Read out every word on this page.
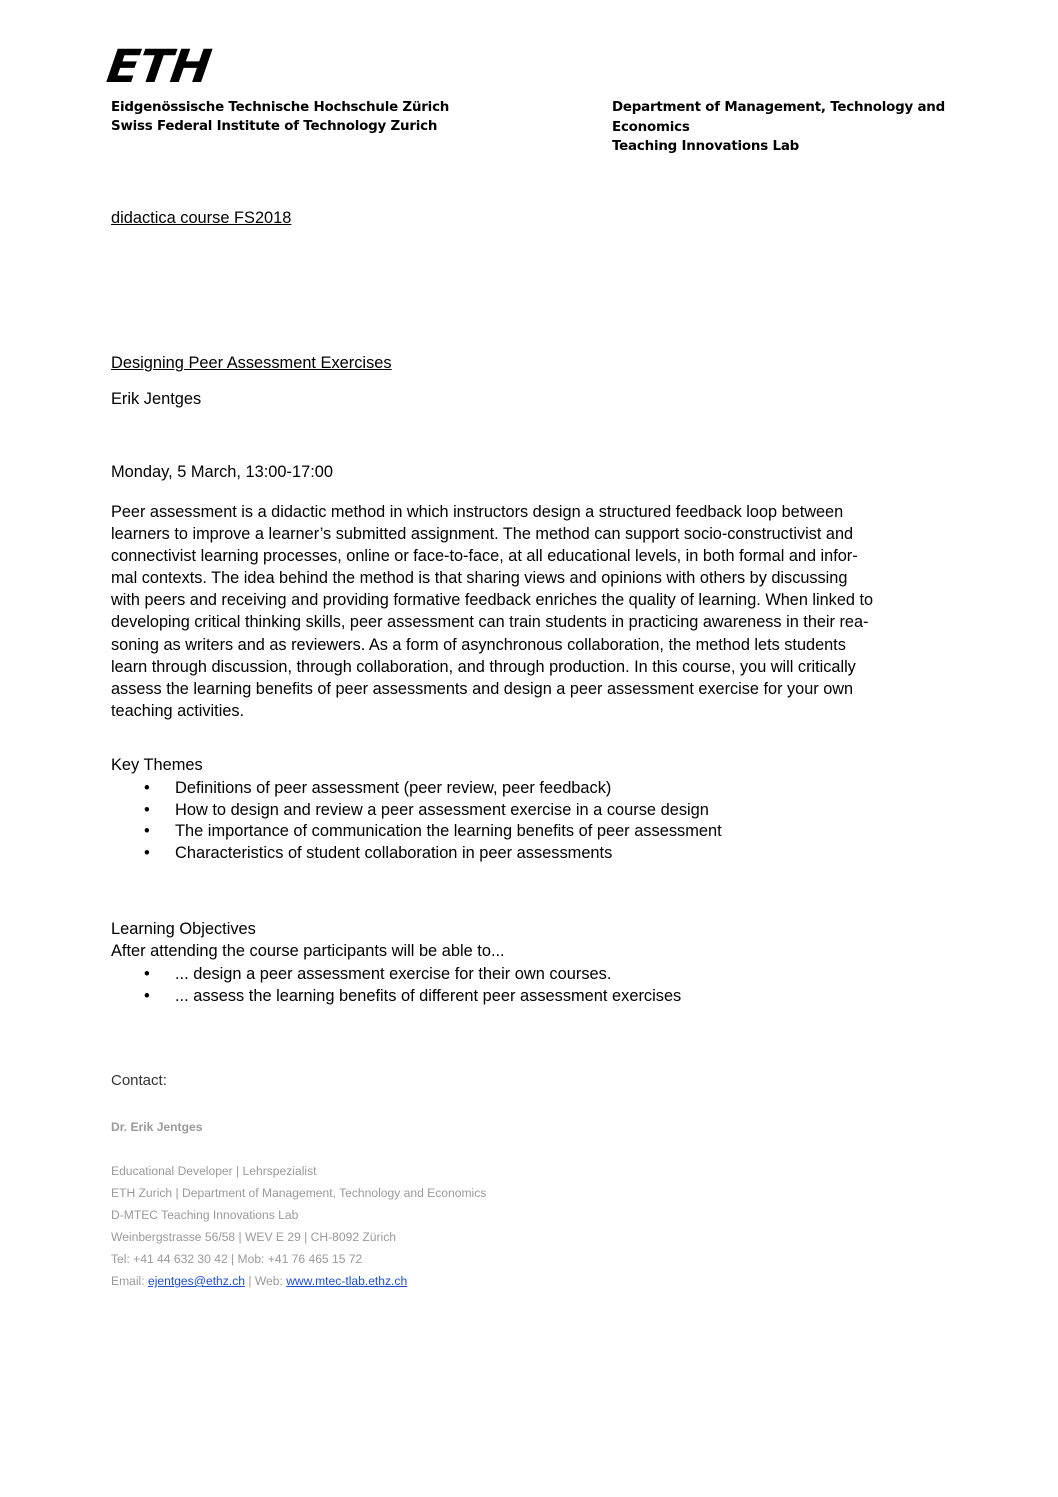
ETH
Eidgenössische Technische Hochschule Zürich
Swiss Federal Institute of Technology Zurich
Department of Management, Technology and
Economics
Teaching Innovations Lab
didactica course FS2018
Designing Peer Assessment Exercises
Erik Jentges
Monday, 5 March, 13:00-17:00
Peer assessment is a didactic method in which instructors design a structured feedback loop between
learners to improve a learner’s submitted assignment. The method can support socio-constructivist and
connectivist learning processes, online or face-to-face, at all educational levels, in both formal and infor-
mal contexts. The idea behind the method is that sharing views and opinions with others by discussing
with peers and receiving and providing formative feedback enriches the quality of learning. When linked to
developing critical thinking skills, peer assessment can train students in practicing awareness in their rea-
soning as writers and as reviewers. As a form of asynchronous collaboration, the method lets students
learn through discussion, through collaboration, and through production. In this course, you will critically
assess the learning benefits of peer assessments and design a peer assessment exercise for your own
teaching activities.
Key Themes
• Definitions of peer assessment (peer review, peer feedback)
• How to design and review a peer assessment exercise in a course design
• The importance of communication the learning benefits of peer assessment
• Characteristics of student collaboration in peer assessments
Learning Objectives
After attending the course participants will be able to...
• ... design a peer assessment exercise for their own courses.
• ... assess the learning benefits of different peer assessment exercises
Contact:
Dr. Erik Jentges
Educational Developer | Lehrspezialist
ETH Zurich | Department of Management, Technology and Economics
D-MTEC Teaching Innovations Lab
Weinbergstrasse 56/58 | WEV E 29 | CH-8092 Zürich
Tel: +41 44 632 30 42 | Mob: +41 76 465 15 72
Email: ejentges@ethz.ch | Web: www.mtec-tlab.ethz.ch
